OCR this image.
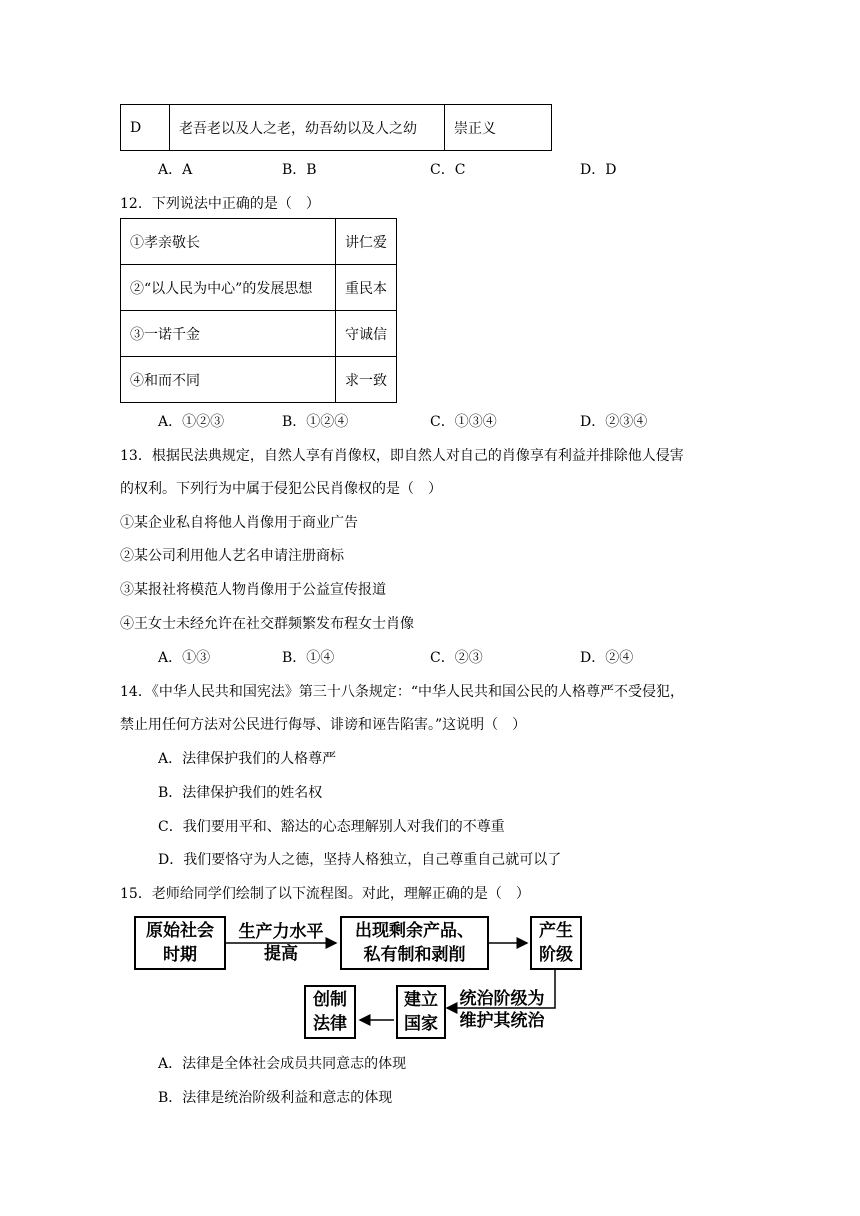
D	老吾老以及人之老，幼吾幼以及人之幼	崇正义
A．A	B．B	C．C	D．D
12．下列说法中正确的是（　）
①孝亲敬长	讲仁爱
②“以人民为中心”的发展思想	重民本
③一诺千金	守诚信
④和而不同	求一致
A．①②③	B．①②④	C．①③④	D．②③④
13．根据民法典规定，自然人享有肖像权，即自然人对自己的肖像享有利益并排除他人侵害
的权利。下列行为中属于侵犯公民肖像权的是（　）
①某企业私自将他人肖像用于商业广告
②某公司利用他人艺名申请注册商标
③某报社将模范人物肖像用于公益宣传报道
④王女士未经允许在社交群频繁发布程女士肖像
A．①③	B．①④	C．②③	D．②④
14．《中华人民共和国宪法》第三十八条规定：“中华人民共和国公民的人格尊严不受侵犯，
禁止用任何方法对公民进行侮辱、诽谤和诬告陷害。”这说明（　）
A．法律保护我们的人格尊严
B．法律保护我们的姓名权
C．我们要用平和、豁达的心态理解别人对我们的不尊重
D．我们要恪守为人之德，坚持人格独立，自己尊重自己就可以了
15．老师给同学们绘制了以下流程图。对此，理解正确的是（　）
原始社会
时期
生产力水平
提高
出现剩余产品、
私有制和剥削
产生
阶级
统治阶级为
维护其统治
建立
国家
创制
法律
A．法律是全体社会成员共同意志的体现
B．法律是统治阶级利益和意志的体现
